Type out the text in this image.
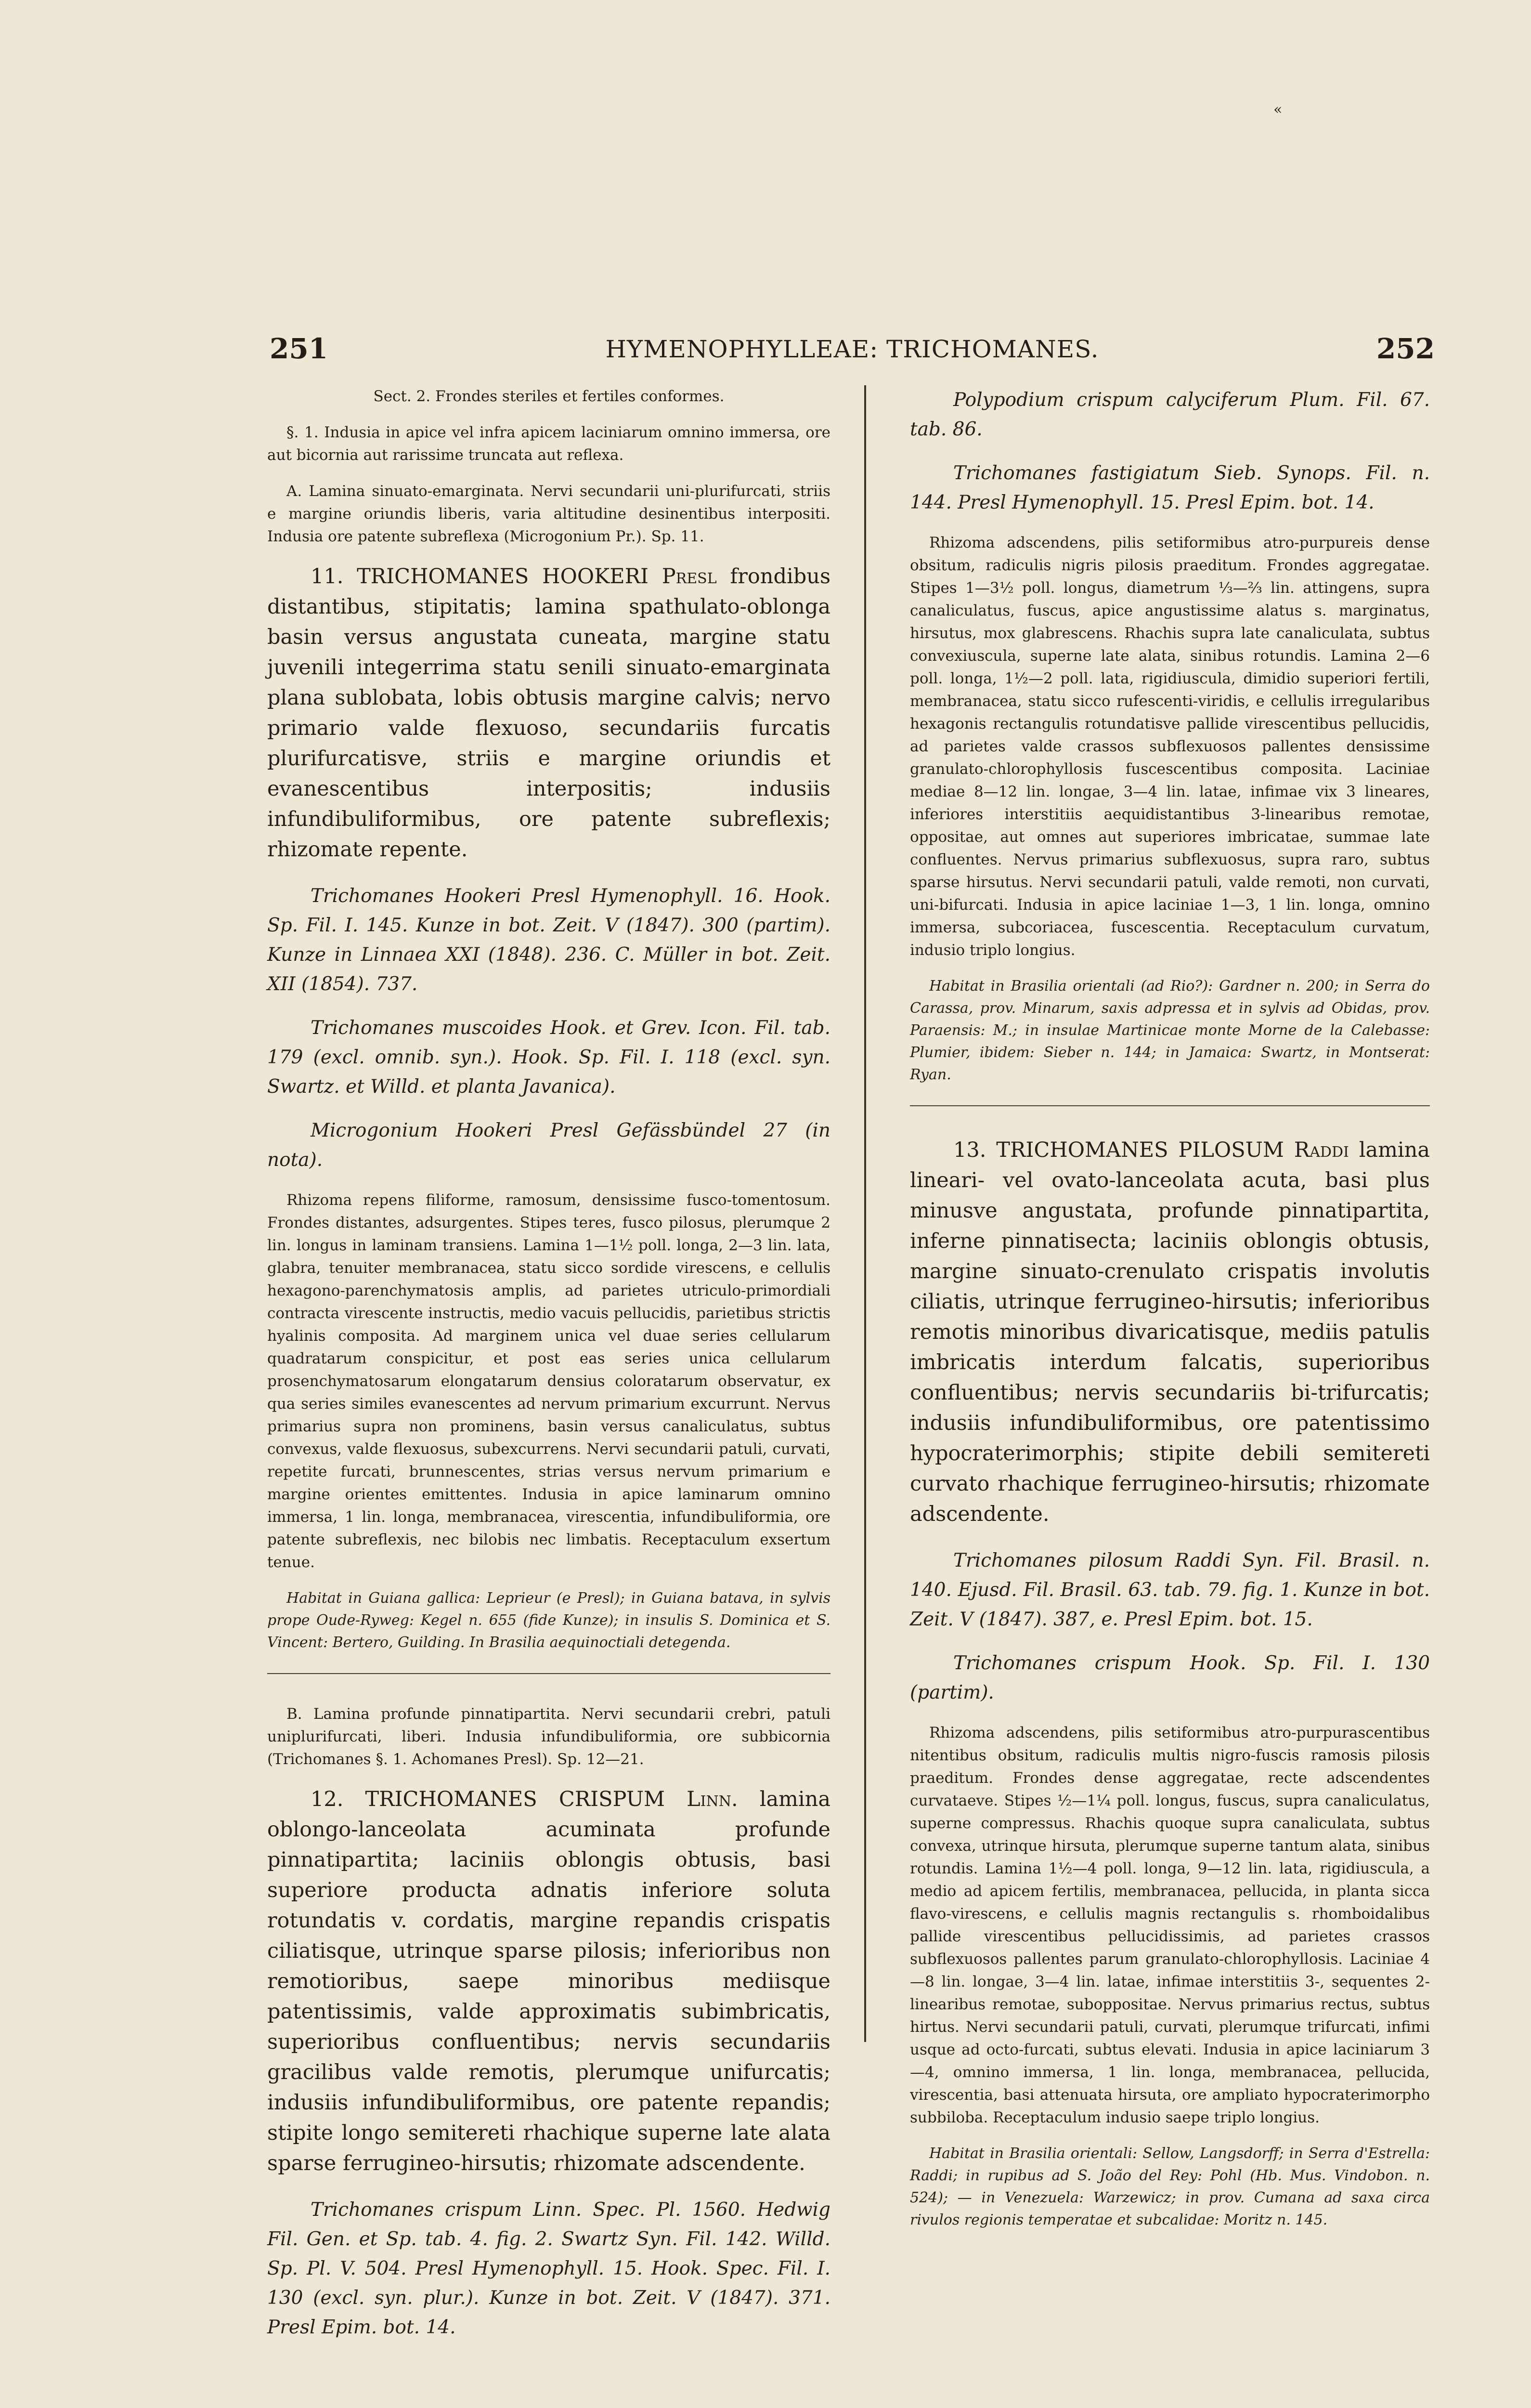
«
251	HYMENOPHYLLEAE: TRICHOMANES.	252

Sect. 2. Frondes steriles et fertiles conformes.

§. 1. Indusia in apice vel infra apicem laciniarum omnino immersa, ore aut bicornia aut rarissime truncata aut reflexa.

A. Lamina sinuato-emarginata. Nervi secundarii uni-plurifurcati, striis e margine oriundis liberis, varia altitudine desinentibus interpositi. Indusia ore patente subreflexa (Microgonium Pr.). Sp. 11.

11. TRICHOMANES HOOKERI Presl frondibus distantibus, stipitatis; lamina spathulato-oblonga basin versus angustata cuneata, margine statu juvenili integerrima statu senili sinuato-emarginata plana sublobata, lobis obtusis margine calvis; nervo primario valde flexuoso, secundariis furcatis plurifurcatisve, striis e margine oriundis et evanescentibus interpositis; indusiis infundibuliformibus, ore patente subreflexis; rhizomate repente.

Trichomanes Hookeri Presl Hymenophyll. 16. Hook. Sp. Fil. I. 145. Kunze in bot. Zeit. V (1847). 300 (partim). Kunze in Linnaea XXI (1848). 236. C. Müller in bot. Zeit. XII (1854). 737.

Trichomanes muscoides Hook. et Grev. Icon. Fil. tab. 179 (excl. omnib. syn.). Hook. Sp. Fil. I. 118 (excl. syn. Swartz. et Willd. et planta Javanica).

Microgonium Hookeri Presl Gefässbündel 27 (in nota).

Rhizoma repens filiforme, ramosum, densissime fusco-tomentosum. Frondes distantes, adsurgentes. Stipes teres, fusco pilosus, plerumque 2 lin. longus in laminam transiens. Lamina 1—1½ poll. longa, 2—3 lin. lata, glabra, tenuiter membranacea, statu sicco sordide virescens, e cellulis hexagono-parenchymatosis amplis, ad parietes utriculo-primordiali contracta virescente instructis, medio vacuis pellucidis, parietibus strictis hyalinis composita. Ad marginem unica vel duae series cellularum quadratarum conspicitur, et post eas series unica cellularum prosenchymatosarum elongatarum densius coloratarum observatur, ex qua series similes evanescentes ad nervum primarium excurrunt. Nervus primarius supra non prominens, basin versus canaliculatus, subtus convexus, valde flexuosus, subexcurrens. Nervi secundarii patuli, curvati, repetite furcati, brunnescentes, strias versus nervum primarium e margine orientes emittentes. Indusia in apice laminarum omnino immersa, 1 lin. longa, membranacea, virescentia, infundibuliformia, ore patente subreflexis, nec bilobis nec limbatis. Receptaculum exsertum tenue.

Habitat in Guiana gallica: Leprieur (e Presl); in Guiana batava, in sylvis prope Oude-Ryweg: Kegel n. 655 (fide Kunze); in insulis S. Dominica et S. Vincent: Bertero, Guilding. In Brasilia aequinoctiali detegenda.

B. Lamina profunde pinnatipartita. Nervi secundarii crebri, patuli uniplurifurcati, liberi. Indusia infundibuliformia, ore subbicornia (Trichomanes §. 1. Achomanes Presl). Sp. 12—21.

12. TRICHOMANES CRISPUM Linn. lamina oblongo-lanceolata acuminata profunde pinnatipartita; laciniis oblongis obtusis, basi superiore producta adnatis inferiore soluta rotundatis v. cordatis, margine repandis crispatis ciliatisque, utrinque sparse pilosis; inferioribus non remotioribus, saepe minoribus mediisque patentissimis, valde approximatis subimbricatis, superioribus confluentibus; nervis secundariis gracilibus valde remotis, plerumque unifurcatis; indusiis infundibuliformibus, ore patente repandis; stipite longo semitereti rhachique superne late alata sparse ferrugineo-hirsutis; rhizomate adscendente.

Trichomanes crispum Linn. Spec. Pl. 1560. Hedwig Fil. Gen. et Sp. tab. 4. fig. 2. Swartz Syn. Fil. 142. Willd. Sp. Pl. V. 504. Presl Hymenophyll. 15. Hook. Spec. Fil. I. 130 (excl. syn. plur.). Kunze in bot. Zeit. V (1847). 371. Presl Epim. bot. 14.

Polypodium crispum calyciferum Plum. Fil. 67. tab. 86.

Trichomanes fastigiatum Sieb. Synops. Fil. n. 144. Presl Hymenophyll. 15. Presl Epim. bot. 14.

Rhizoma adscendens, pilis setiformibus atro-purpureis dense obsitum, radiculis nigris pilosis praeditum. Frondes aggregatae. Stipes 1—3½ poll. longus, diametrum ⅓—⅔ lin. attingens, supra canaliculatus, fuscus, apice angustissime alatus s. marginatus, hirsutus, mox glabrescens. Rhachis supra late canaliculata, subtus convexiuscula, superne late alata, sinibus rotundis. Lamina 2—6 poll. longa, 1½—2 poll. lata, rigidiuscula, dimidio superiori fertili, membranacea, statu sicco rufescenti-viridis, e cellulis irregularibus hexagonis rectangulis rotundatisve pallide virescentibus pellucidis, ad parietes valde crassos subflexuosos pallentes densissime granulato-chlorophyllosis fuscescentibus composita. Laciniae mediae 8—12 lin. longae, 3—4 lin. latae, infimae vix 3 lineares, inferiores interstitiis aequidistantibus 3-linearibus remotae, oppositae, aut omnes aut superiores imbricatae, summae late confluentes. Nervus primarius subflexuosus, supra raro, subtus sparse hirsutus. Nervi secundarii patuli, valde remoti, non curvati, uni-bifurcati. Indusia in apice laciniae 1—3, 1 lin. longa, omnino immersa, subcoriacea, fuscescentia. Receptaculum curvatum, indusio triplo longius.

Habitat in Brasilia orientali (ad Rio?): Gardner n. 200; in Serra do Carassa, prov. Minarum, saxis adpressa et in sylvis ad Obidas, prov. Paraensis: M.; in insulae Martinicae monte Morne de la Calebasse: Plumier, ibidem: Sieber n. 144; in Jamaica: Swartz, in Montserat: Ryan.

13. TRICHOMANES PILOSUM Raddi lamina lineari- vel ovato-lanceolata acuta, basi plus minusve angustata, profunde pinnatipartita, inferne pinnatisecta; laciniis oblongis obtusis, margine sinuato-crenulato crispatis involutis ciliatis, utrinque ferrugineo-hirsutis; inferioribus remotis minoribus divaricatisque, mediis patulis imbricatis interdum falcatis, superioribus confluentibus; nervis secundariis bi-trifurcatis; indusiis infundibuliformibus, ore patentissimo hypocraterimorphis; stipite debili semitereti curvato rhachique ferrugineo-hirsutis; rhizomate adscendente.

Trichomanes pilosum Raddi Syn. Fil. Brasil. n. 140. Ejusd. Fil. Brasil. 63. tab. 79. fig. 1. Kunze in bot. Zeit. V (1847). 387, e. Presl Epim. bot. 15.

Trichomanes crispum Hook. Sp. Fil. I. 130 (partim).

Rhizoma adscendens, pilis setiformibus atro-purpurascentibus nitentibus obsitum, radiculis multis nigro-fuscis ramosis pilosis praeditum. Frondes dense aggregatae, recte adscendentes curvataeve. Stipes ½—1¼ poll. longus, fuscus, supra canaliculatus, superne compressus. Rhachis quoque supra canaliculata, subtus convexa, utrinque hirsuta, plerumque superne tantum alata, sinibus rotundis. Lamina 1½—4 poll. longa, 9—12 lin. lata, rigidiuscula, a medio ad apicem fertilis, membranacea, pellucida, in planta sicca flavo-virescens, e cellulis magnis rectangulis s. rhomboidalibus pallide virescentibus pellucidissimis, ad parietes crassos subflexuosos pallentes parum granulato-chlorophyllosis. Laciniae 4—8 lin. longae, 3—4 lin. latae, infimae interstitiis 3-, sequentes 2-linearibus remotae, suboppositae. Nervus primarius rectus, subtus hirtus. Nervi secundarii patuli, curvati, plerumque trifurcati, infimi usque ad octo-furcati, subtus elevati. Indusia in apice laciniarum 3—4, omnino immersa, 1 lin. longa, membranacea, pellucida, virescentia, basi attenuata hirsuta, ore ampliato hypocraterimorpho subbiloba. Receptaculum indusio saepe triplo longius.

Habitat in Brasilia orientali: Sellow, Langsdorff; in Serra d'Estrella: Raddi; in rupibus ad S. João del Rey: Pohl (Hb. Mus. Vindobon. n. 524); — in Venezuela: Warzewicz; in prov. Cumana ad saxa circa rivulos regionis temperatae et subcalidae: Moritz n. 145.
